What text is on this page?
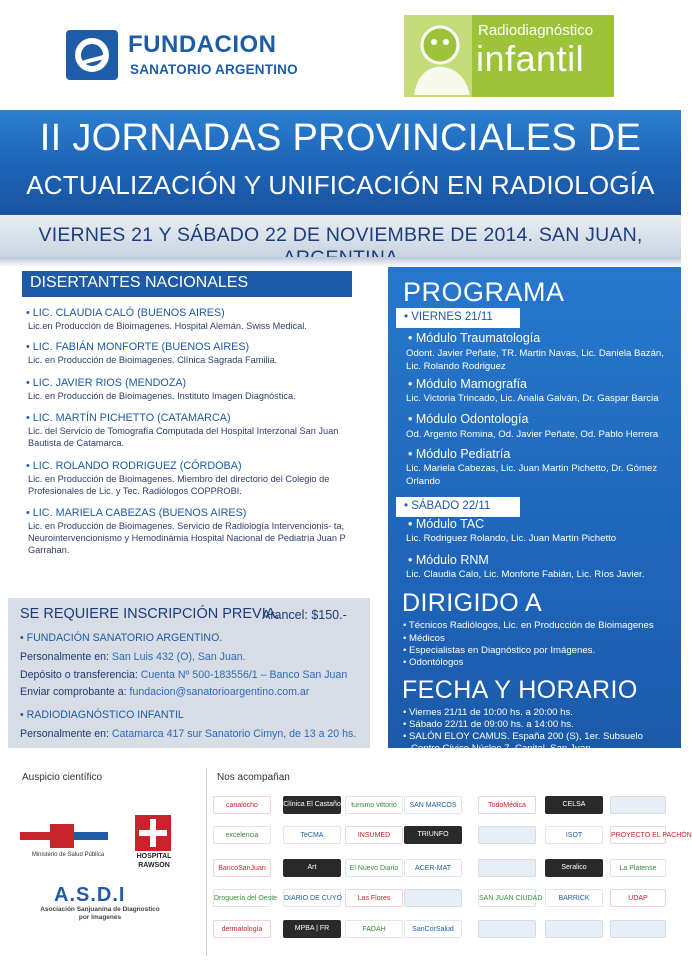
FUNDACION
SANATORIO ARGENTINO
Radiodiagnóstico
infantil
II JORNADAS PROVINCIALES DE
ACTUALIZACIÓN Y UNIFICACIÓN EN RADIOLOGÍA
VIERNES 21 Y SÁBADO 22 DE NOVIEMBRE DE 2014. SAN JUAN,
DISERTANTES NACIONALES
• LIC. CLAUDIA CALÓ (BUENOS AIRES)
Lic.en Producción de Bioimagenes. Hospital Alemán. Swiss Medical.
• LIC. FABIÁN MONFORTE (BUENOS AIRES)
Lic. en Producción de Bioimagenes. Clínica Sagrada Familia.
• LIC. JAVIER RIOS (MENDOZA)
Lic. en Producción de Bioimagenes. Instituto Imagen Diagnóstica.
• LIC. MARTÍN PICHETTO (CATAMARCA)
Lic. del Servicio de Tomografía Computada del Hospital Interzonal San Juan Bautista de Catamarca.
• LIC. ROLANDO RODRIGUEZ (CÓRDOBA)
Lic. en Producción de Bioimagenes. Miembro del directorio del Colegio de Profesionales de Lic. y Tec. Radiólogos COPPROBI.
• LIC. MARIELA CABEZAS (BUENOS AIRES)
Lic. en Producción de Bioimagenes. Servicio de Radiología Intervencionis- ta, Neurointervencionismo y Hemodinámia Hospital Nacional de Pediatría Juan P Garrahan.
SE REQUIERE INSCRIPCIÓN PREVIA.
Arancel: $150.-
• FUNDACIÓN SANATORIO ARGENTINO.
Personalmente en: San Luis 432 (O), San Juan.
Depósito o transferencia: Cuenta Nº 500-183556/1 – Banco San Juan
Enviar comprobante a: fundacion@sanatorioargentino.com.ar
• RADIODIAGNÓSTICO INFANTIL
Personalmente en: Catamarca 417 sur Sanatorio Cimyn, de 13 a 20 hs.
PROGRAMA
• VIERNES 21/11
• Módulo Traumatología
Odont. Javier Peñate, TR. Martin Navas, Lic. Daniela Bazán, Lic. Rolando Rodriguez
• Módulo Mamografía
Lic. Victoria Trincado, Lic. Analia Galván, Dr. Gaspar Barcia
• Módulo Odontología
Od. Argento Romina, Od. Javier Peñate, Od. Pablo Herrera
• Módulo Pediatría
Lic. Mariela Cabezas, Lic. Juan Martin Pichetto, Dr. Gómez Orlando
• SÁBADO 22/11
• Módulo TAC
Lic. Rodriguez Rolando, Lic. Juan Martin Pichetto
• Módulo RNM
Lic. Claudia Calo, Lic. Monforte Fabián, Lic. Ríos Javier.
DIRIGIDO A
• Técnicos Radiólogos, Lic. en Producción de Bioimagenes
• Médicos
• Especialistas en Diagnóstico por Imágenes.
• Odontólogos
FECHA Y HORARIO
• Viernes 21/11 de 10:00 hs. a 20:00 hs.
• Sábado 22/11 de 09:00 hs. a 14:00 hs.
• SALÓN ELOY CAMUS. España 200 (S), 1er. Subsuelo
Centro Cívico Núcleo 7. Capital, San Juan
Auspicio científico	Nos acompañan
Ministerio de Salud Pública	HOSPITAL RAWSON
A.S.D.I
Asociación Sanjuanina de Diagnostico por Imagenes
canalocho	Clínica El Castaño	turismo vittorio	SAN MARCOS	TodoMédica	CELSA
excelencia	TeCMA	INSUMED	TRIUNFO	ISOT	PROYECTO EL PACHÓN
BancoSanJuan	Art	El Nuevo Diario	ACER-MAT	Seralico	La Platense
Droguería del Oeste DIARIO DE CUYO	Las Flores	SAN JUAN CIUDAD	BARRICK	UDAP
dermatología	MPBA | FR	FADAH	SanCorSalud
